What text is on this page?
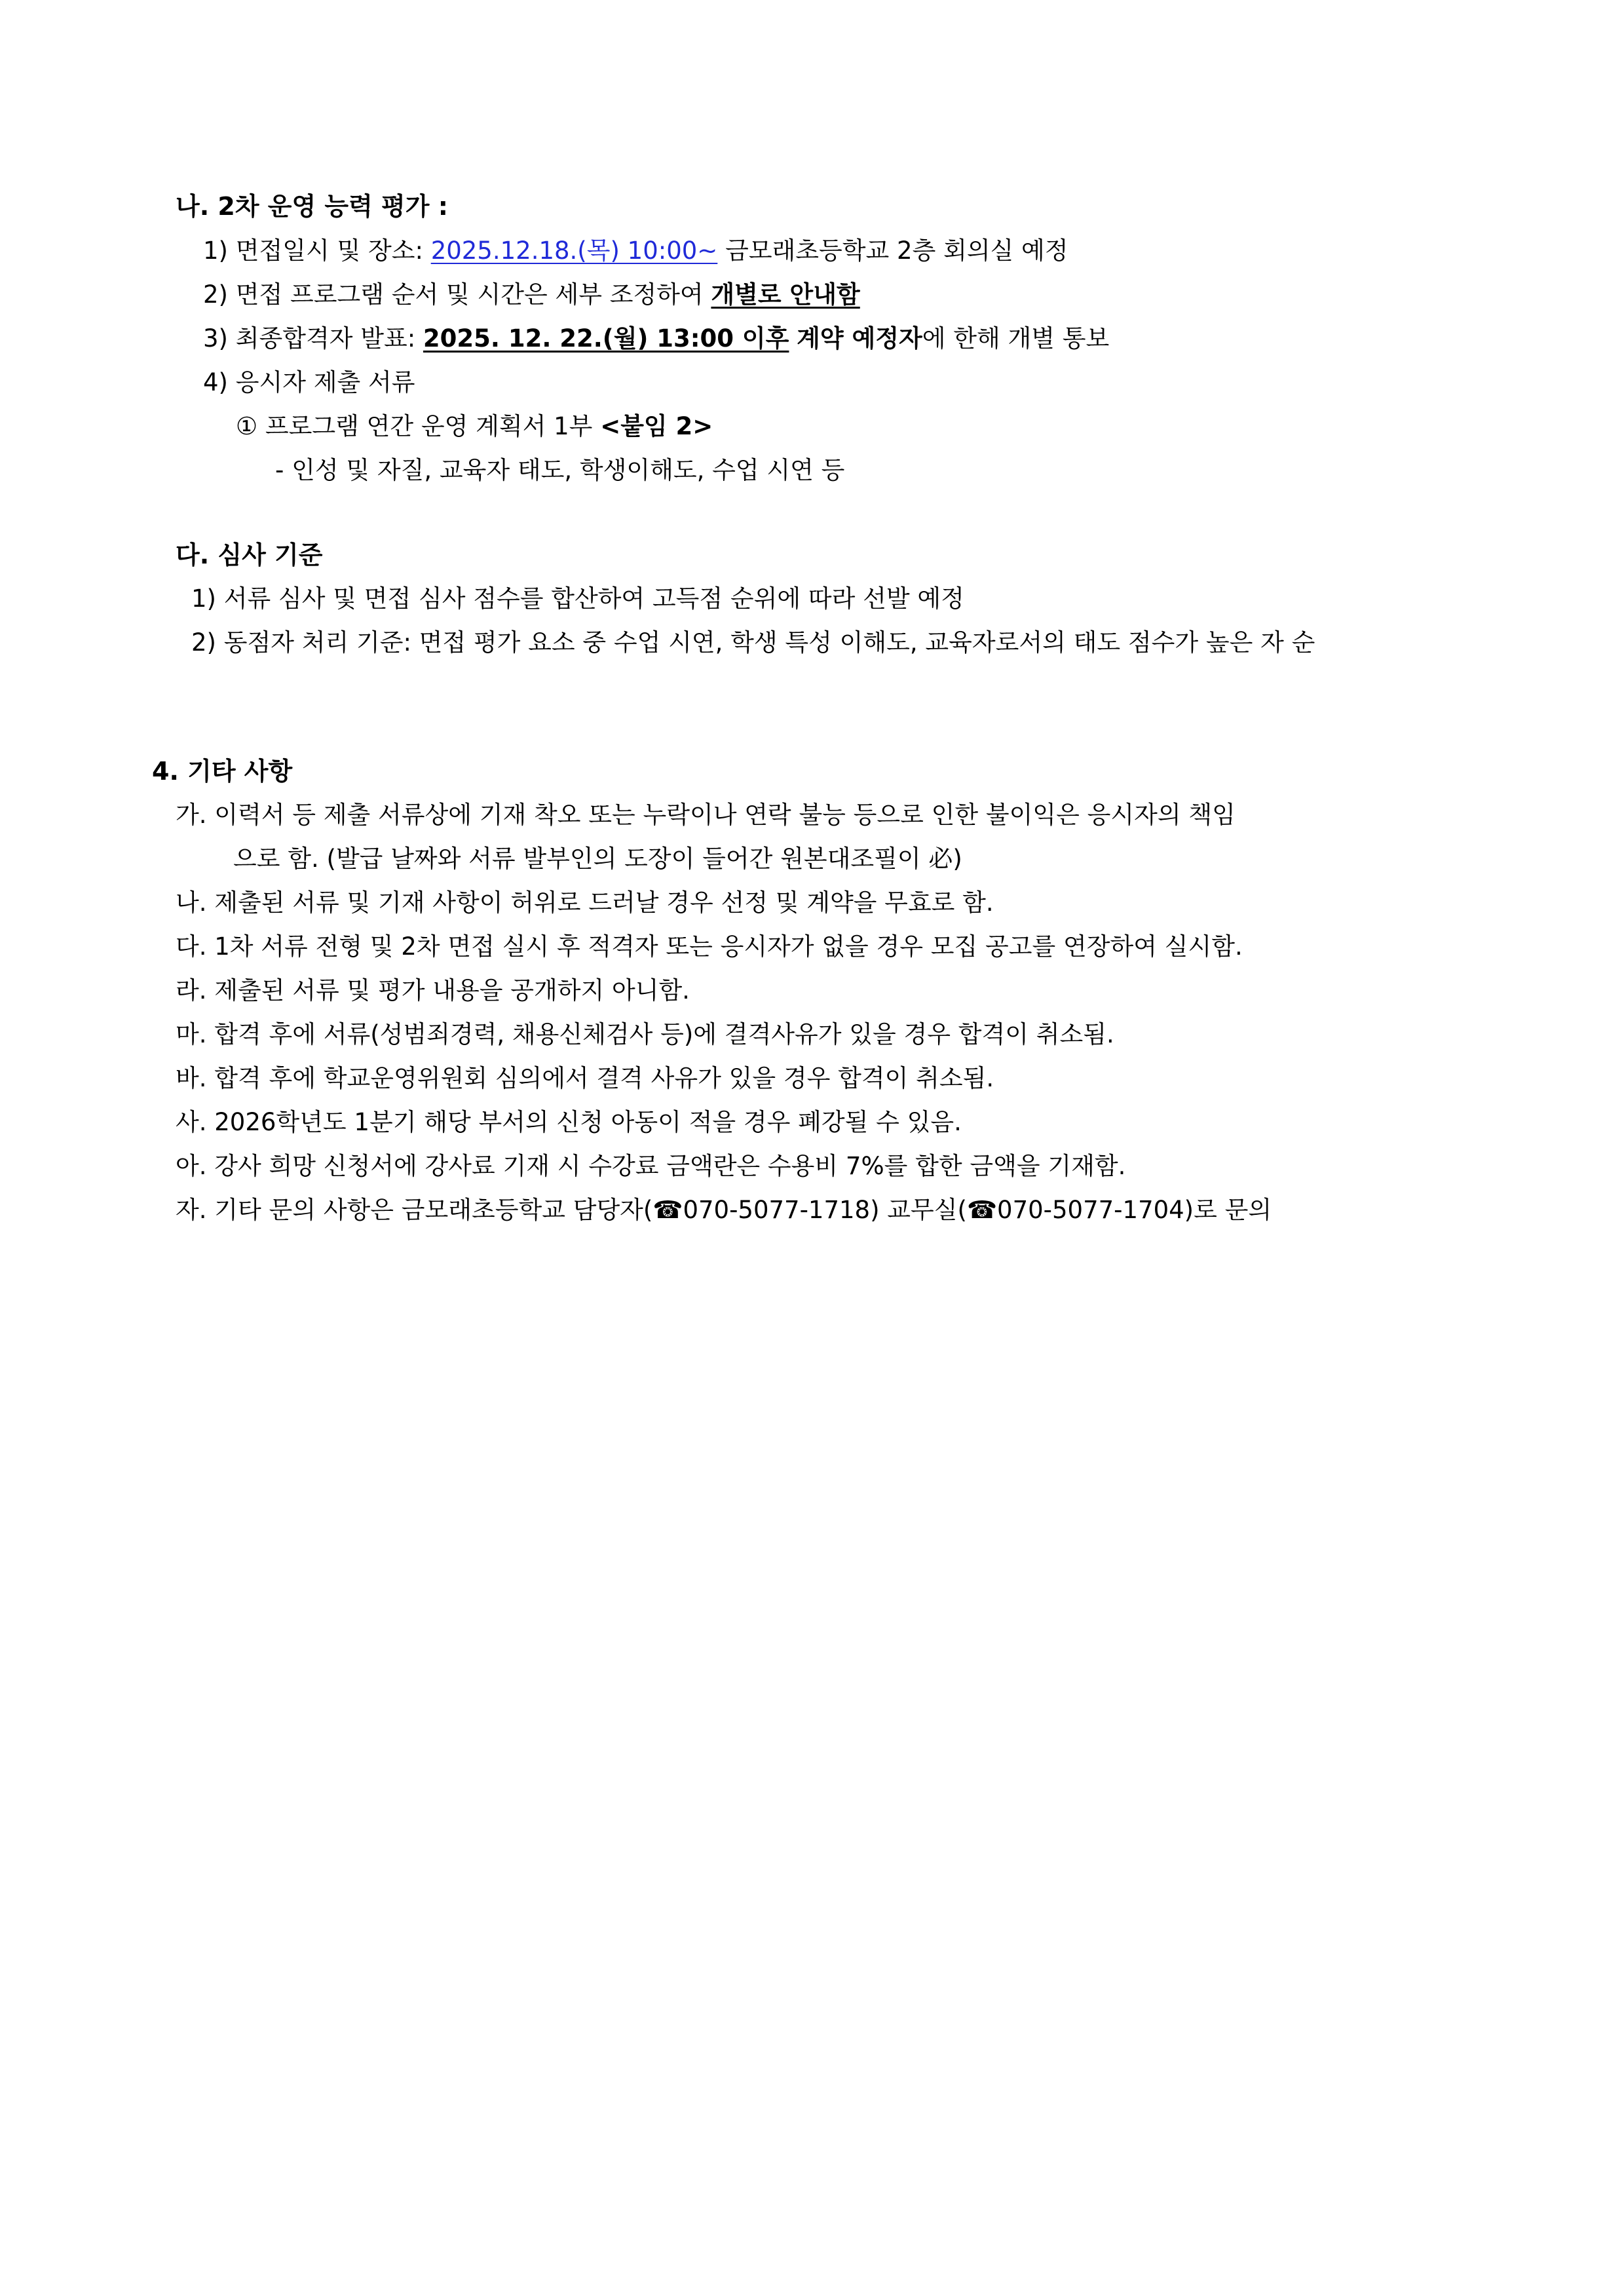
나. 2차 운영 능력 평가 :
1) 면접일시 및 장소: 2025.12.18.(목) 10:00~ 금모래초등학교 2층 회의실 예정
2) 면접 프로그램 순서 및 시간은 세부 조정하여 개별로 안내함
3) 최종합격자 발표: 2025. 12. 22.(월) 13:00 이후 계약 예정자에 한해 개별 통보
4) 응시자 제출 서류
① 프로그램 연간 운영 계획서 1부 <붙임 2>
- 인성 및 자질, 교육자 태도, 학생이해도, 수업 시연 등
다. 심사 기준
1) 서류 심사 및 면접 심사 점수를 합산하여 고득점 순위에 따라 선발 예정
2) 동점자 처리 기준: 면접 평가 요소 중 수업 시연, 학생 특성 이해도, 교육자로서의 태도 점수가 높은 자 순
4. 기타 사항
가. 이력서 등 제출 서류상에 기재 착오 또는 누락이나 연락 불능 등으로 인한 불이익은 응시자의 책임
으로 함. (발급 날짜와 서류 발부인의 도장이 들어간 원본대조필이 必)
나. 제출된 서류 및 기재 사항이 허위로 드러날 경우 선정 및 계약을 무효로 함.
다. 1차 서류 전형 및 2차 면접 실시 후 적격자 또는 응시자가 없을 경우 모집 공고를 연장하여 실시함.
라. 제출된 서류 및 평가 내용을 공개하지 아니함.
마. 합격 후에 서류(성범죄경력, 채용신체검사 등)에 결격사유가 있을 경우 합격이 취소됨.
바. 합격 후에 학교운영위원회 심의에서 결격 사유가 있을 경우 합격이 취소됨.
사. 2026학년도 1분기 해당 부서의 신청 아동이 적을 경우 폐강될 수 있음.
아. 강사 희망 신청서에 강사료 기재 시 수강료 금액란은 수용비 7%를 합한 금액을 기재함.
자. 기타 문의 사항은 금모래초등학교 담당자(☎070-5077-1718) 교무실(☎070-5077-1704)로 문의
